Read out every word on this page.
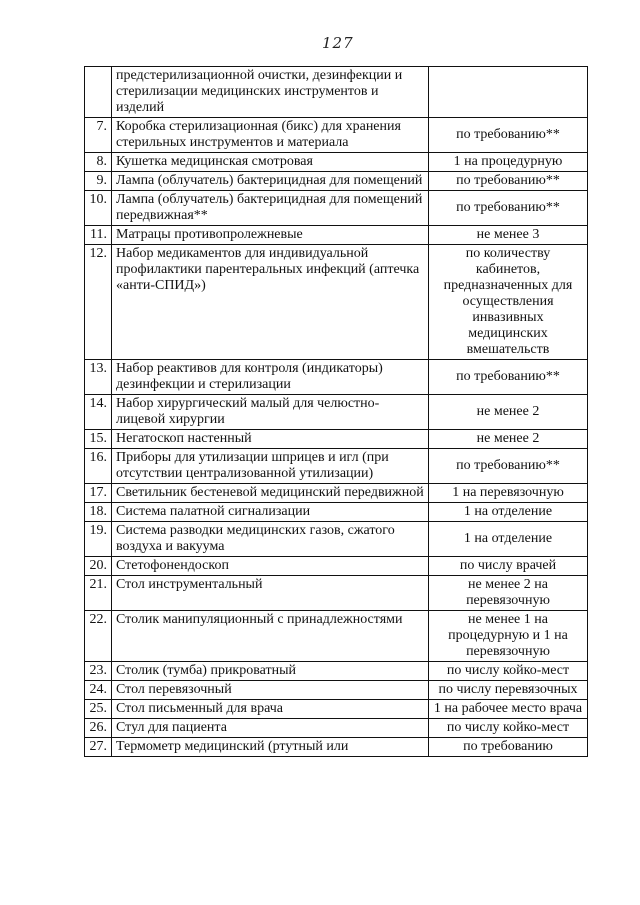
127
	предстерилизационной очистки, дезинфекции и стерилизации медицинских инструментов и изделий	
7.	Коробка стерилизационная (бикс) для хранения стерильных инструментов и материала	по требованию**
8.	Кушетка медицинская смотровая	1 на процедурную
9.	Лампа (облучатель) бактерицидная для помещений	по требованию**
10.	Лампа (облучатель) бактерицидная для помещений передвижная**	по требованию**
11.	Матрацы противопролежневые	не менее 3
12.	Набор медикаментов для индивидуальной профилактики парентеральных инфекций (аптечка «анти-СПИД»)	по количеству кабинетов, предназначенных для осуществления инвазивных медицинских вмешательств
13.	Набор реактивов для контроля (индикаторы) дезинфекции и стерилизации	по требованию**
14.	Набор хирургический малый для челюстно-лицевой хирургии	не менее 2
15.	Негатоскоп настенный	не менее 2
16.	Приборы для утилизации шприцев и игл (при отсутствии централизованной утилизации)	по требованию**
17.	Светильник бестеневой медицинский передвижной	1 на перевязочную
18.	Система палатной сигнализации	1 на отделение
19.	Система разводки медицинских газов, сжатого воздуха и вакуума	1 на отделение
20.	Стетофонендоскоп	по числу врачей
21.	Стол инструментальный	не менее 2 на перевязочную
22.	Столик манипуляционный с принадлежностями	не менее 1 на процедурную и 1 на перевязочную
23.	Столик (тумба) прикроватный	по числу койко-мест
24.	Стол перевязочный	по числу перевязочных
25.	Стол письменный для врача	1 на рабочее место врача
26.	Стул для пациента	по числу койко-мест
27.	Термометр медицинский (ртутный или	по требованию
